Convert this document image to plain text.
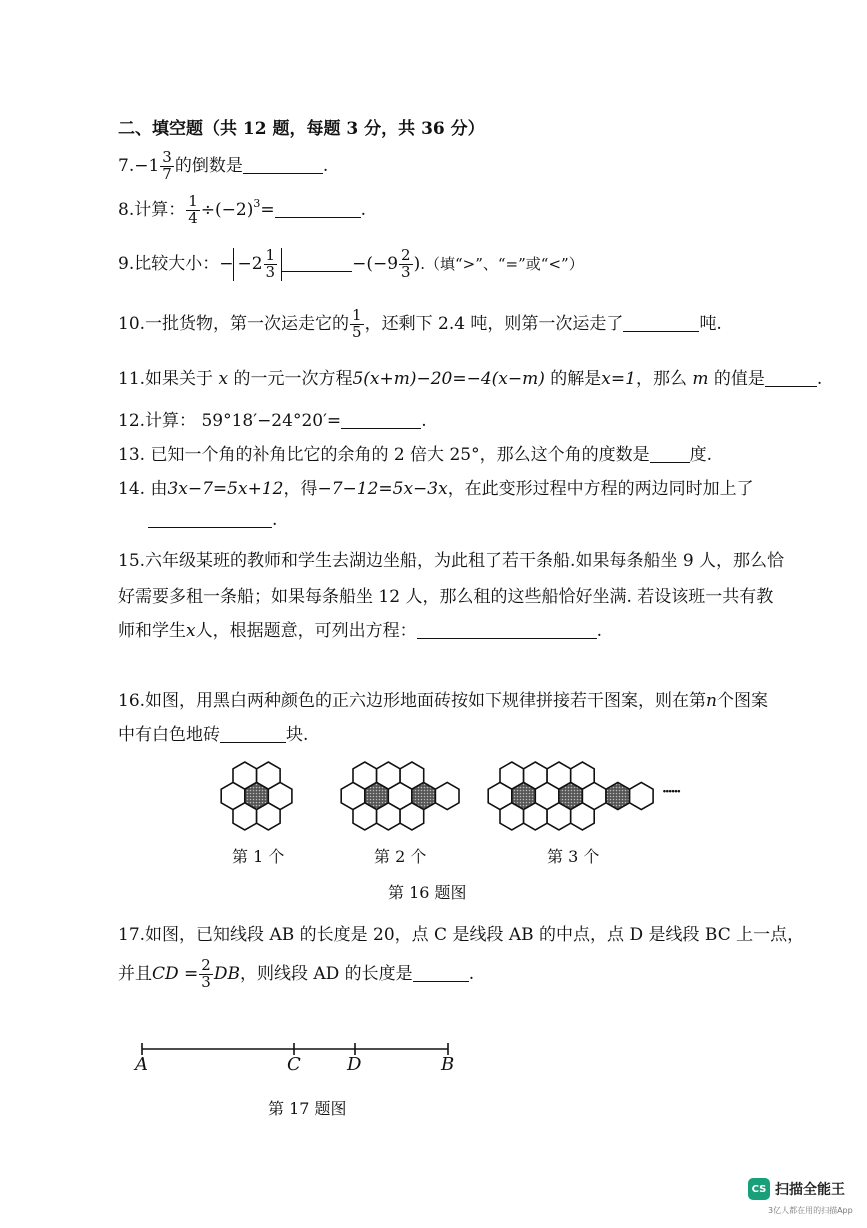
二、填空题（共 12 题，每题 3 分，共 36 分）
$7.-1 \frac{3}{7}$ 的倒数是	.
8.计算： $\frac{1}{4} \div(-2)^3=$	.
9.比较大小：− $-2 \frac{1}{3}$	$-(-9 \frac{2}{3}$ ).（填“>”、“=”或“<”）
10.一批货物，第一次运走它的 $\frac{1}{5}$ ，还剩下 2.4 吨，则第一次运走了	吨.
11.如果关于 x 的一元一次方程5(x+m)−20=−4(x−m) 的解是x=1，那么 m 的值是	.
12.计算： 59°18′−24°20′=	.
13. 已知一个角的补角比它的余角的 2 倍大 25°，那么这个角的度数是 度.
14. 由3x−7=5x+12，得−7−12=5x−3x，在此变形过程中方程的两边同时加上了
.
15.六年级某班的教师和学生去湖边坐船，为此租了若干条船.如果每条船坐 9 人，那么恰
好需要多租一条船；如果每条船坐 12 人，那么租的这些船恰好坐满. 若设该班一共有教
师和学生x人，根据题意，可列出方程：	.
16.如图，用黑白两种颜色的正六边形地面砖按如下规律拼接若干图案，则在第n个图案
中有白色地砖	块.
第 1 个	第 2 个	第 3 个
······
第 16 题图
17.如图，已知线段 AB 的长度是 20，点 C 是线段 AB 的中点，点 D 是线段 BC 上一点，
并且CD = $\frac{2}{3}$ DB，则线段 AD 的长度是	.
A	C	D	B
第 17 题图
CS 扫描全能王
3亿人都在用的扫描App
